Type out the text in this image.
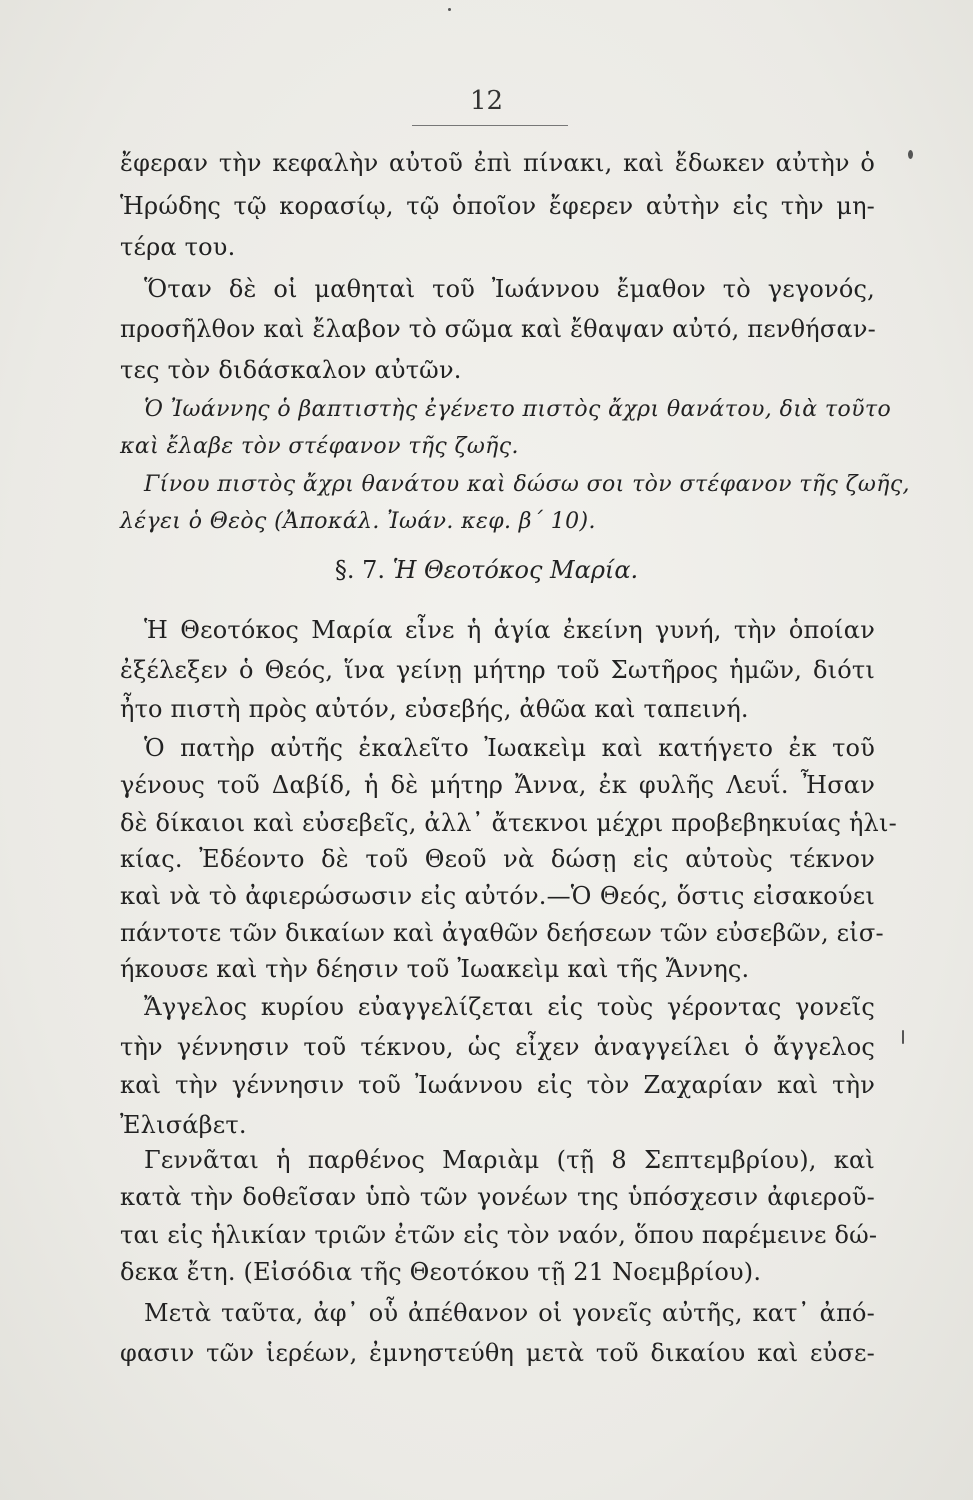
12
ἔφεραν τὴν κεφαλὴν αὐτοῦ ἐπὶ πίνακι, καὶ ἔδωκεν αὐτὴν ὁ
Ἡρώδης τῷ κορασίῳ, τῷ ὁποῖον ἔφερεν αὐτὴν εἰς τὴν μη-
τέρα του.
Ὅταν δὲ οἱ μαθηταὶ τοῦ Ἰωάννου ἔμαθον τὸ γεγονός,
προσῆλθον καὶ ἔλαβον τὸ σῶμα καὶ ἔθαψαν αὐτό, πενθήσαν-
τες τὸν διδάσκαλον αὐτῶν.
Ὁ Ἰωάννης ὁ βαπτιστὴς ἐγένετο πιστὸς ἄχρι θανάτου, διὰ τοῦτο
καὶ ἔλαβε τὸν στέφανον τῆς ζωῆς.
Γίνου πιστὸς ἄχρι θανάτου καὶ δώσω σοι τὸν στέφανον τῆς ζωῆς,
λέγει ὁ Θεὸς (Ἀποκάλ. Ἰωάν. κεφ. β΄ 10).
§. 7. Ἡ Θεοτόκος Μαρία.
Ἡ Θεοτόκος Μαρία εἶνε ἡ ἁγία ἐκείνη γυνή, τὴν ὁποίαν
ἐξέλεξεν ὁ Θεός, ἵνα γείνῃ μήτηρ τοῦ Σωτῆρος ἡμῶν, διότι
ἦτο πιστὴ πρὸς αὐτόν, εὐσεβής, ἀθῶα καὶ ταπεινή.
Ὁ πατὴρ αὐτῆς ἐκαλεῖτο Ἰωακεὶμ καὶ κατήγετο ἐκ τοῦ
γένους τοῦ Δαβίδ, ἡ δὲ μήτηρ Ἄννα, ἐκ φυλῆς Λευΐ. Ἦσαν
δὲ δίκαιοι καὶ εὐσεβεῖς, ἀλλ᾽ ἄτεκνοι μέχρι προβεβηκυίας ἡλι-
κίας. Ἐδέοντο δὲ τοῦ Θεοῦ νὰ δώσῃ εἰς αὐτοὺς τέκνον
καὶ νὰ τὸ ἀφιερώσωσιν εἰς αὐτόν.—Ὁ Θεός, ὅστις εἰσακούει
πάντοτε τῶν δικαίων καὶ ἀγαθῶν δεήσεων τῶν εὐσεβῶν, εἰσ-
ήκουσε καὶ τὴν δέησιν τοῦ Ἰωακεὶμ καὶ τῆς Ἄννης.
Ἄγγελος κυρίου εὐαγγελίζεται εἰς τοὺς γέροντας γονεῖς
τὴν γέννησιν τοῦ τέκνου, ὡς εἶχεν ἀναγγείλει ὁ ἄγγελος
καὶ τὴν γέννησιν τοῦ Ἰωάννου εἰς τὸν Ζαχαρίαν καὶ τὴν
Ἐλισάβετ.
Γεννᾶται ἡ παρθένος Μαριὰμ (τῇ 8 Σεπτεμβρίου), καὶ
κατὰ τὴν δοθεῖσαν ὑπὸ τῶν γονέων της ὑπόσχεσιν ἀφιεροῦ-
ται εἰς ἡλικίαν τριῶν ἐτῶν εἰς τὸν ναόν, ὅπου παρέμεινε δώ-
δεκα ἔτη. (Εἰσόδια τῆς Θεοτόκου τῇ 21 Νοεμβρίου).
Μετὰ ταῦτα, ἀφ᾽ οὗ ἀπέθανον οἱ γονεῖς αὐτῆς, κατ᾽ ἀπό-
φασιν τῶν ἱερέων, ἐμνηστεύθη μετὰ τοῦ δικαίου καὶ εὐσε-
